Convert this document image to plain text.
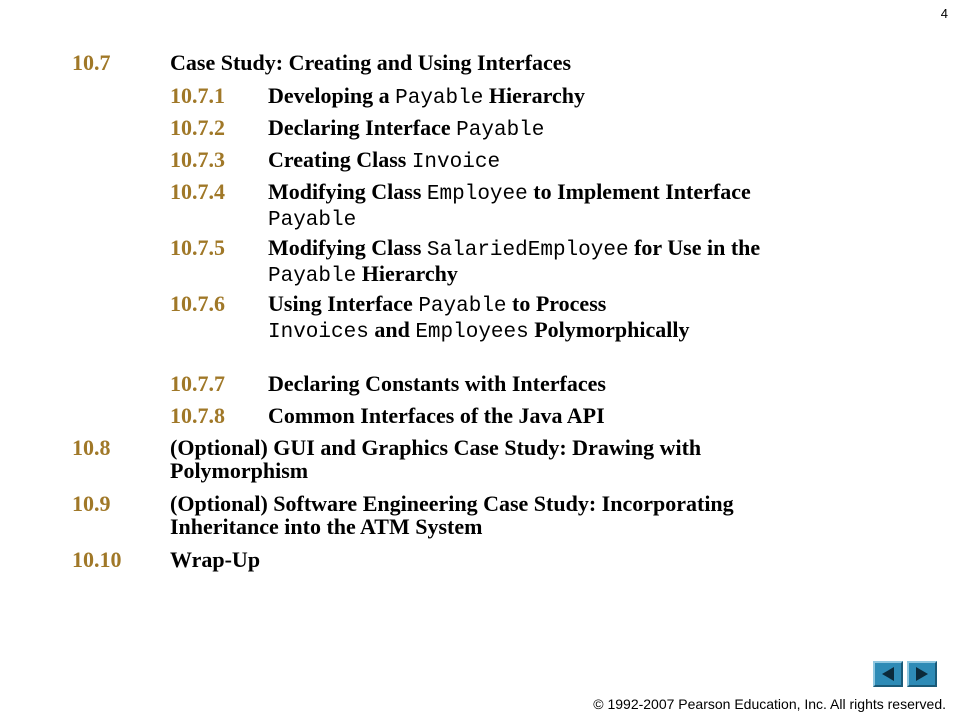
4
10.7	Case Study: Creating and Using Interfaces
10.7.1	Developing a Payable Hierarchy
10.7.2	Declaring Interface Payable
10.7.3	Creating Class Invoice
10.7.4	Modifying Class Employee to Implement Interface Payable
10.7.5	Modifying Class SalariedEmployee for Use in the Payable Hierarchy
10.7.6	Using Interface Payable to Process Invoices and Employees Polymorphically
10.7.7	Declaring Constants with Interfaces
10.7.8	Common Interfaces of the Java API
10.8	(Optional) GUI and Graphics Case Study: Drawing with Polymorphism
10.9	(Optional) Software Engineering Case Study: Incorporating Inheritance into the ATM System
10.10	Wrap-Up
© 1992-2007 Pearson Education, Inc. All rights reserved.
